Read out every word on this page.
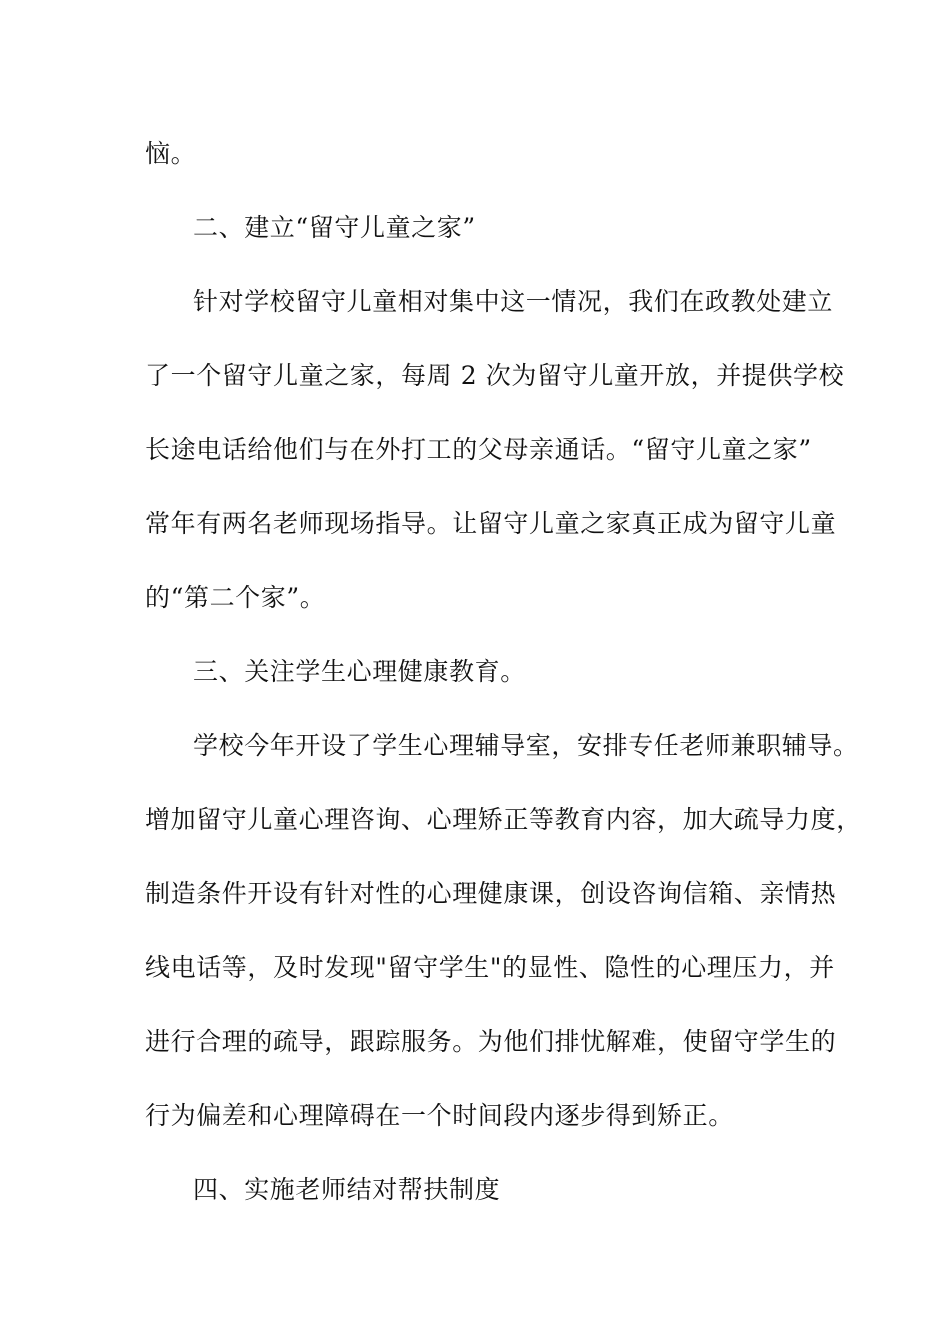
恼。
二、建立“留守儿童之家”
针对学校留守儿童相对集中这一情况，我们在政教处建立
了一个留守儿童之家，每周 2 次为留守儿童开放，并提供学校
长途电话给他们与在外打工的父母亲通话。“留守儿童之家”
常年有两名老师现场指导。让留守儿童之家真正成为留守儿童
的“第二个家”。
三、关注学生心理健康教育。
学校今年开设了学生心理辅导室，安排专任老师兼职辅导。
增加留守儿童心理咨询、心理矫正等教育内容，加大疏导力度，
制造条件开设有针对性的心理健康课，创设咨询信箱、亲情热
线电话等，及时发现"留守学生"的显性、隐性的心理压力，并
进行合理的疏导，跟踪服务。为他们排忧解难，使留守学生的
行为偏差和心理障碍在一个时间段内逐步得到矫正。
四、实施老师结对帮扶制度
